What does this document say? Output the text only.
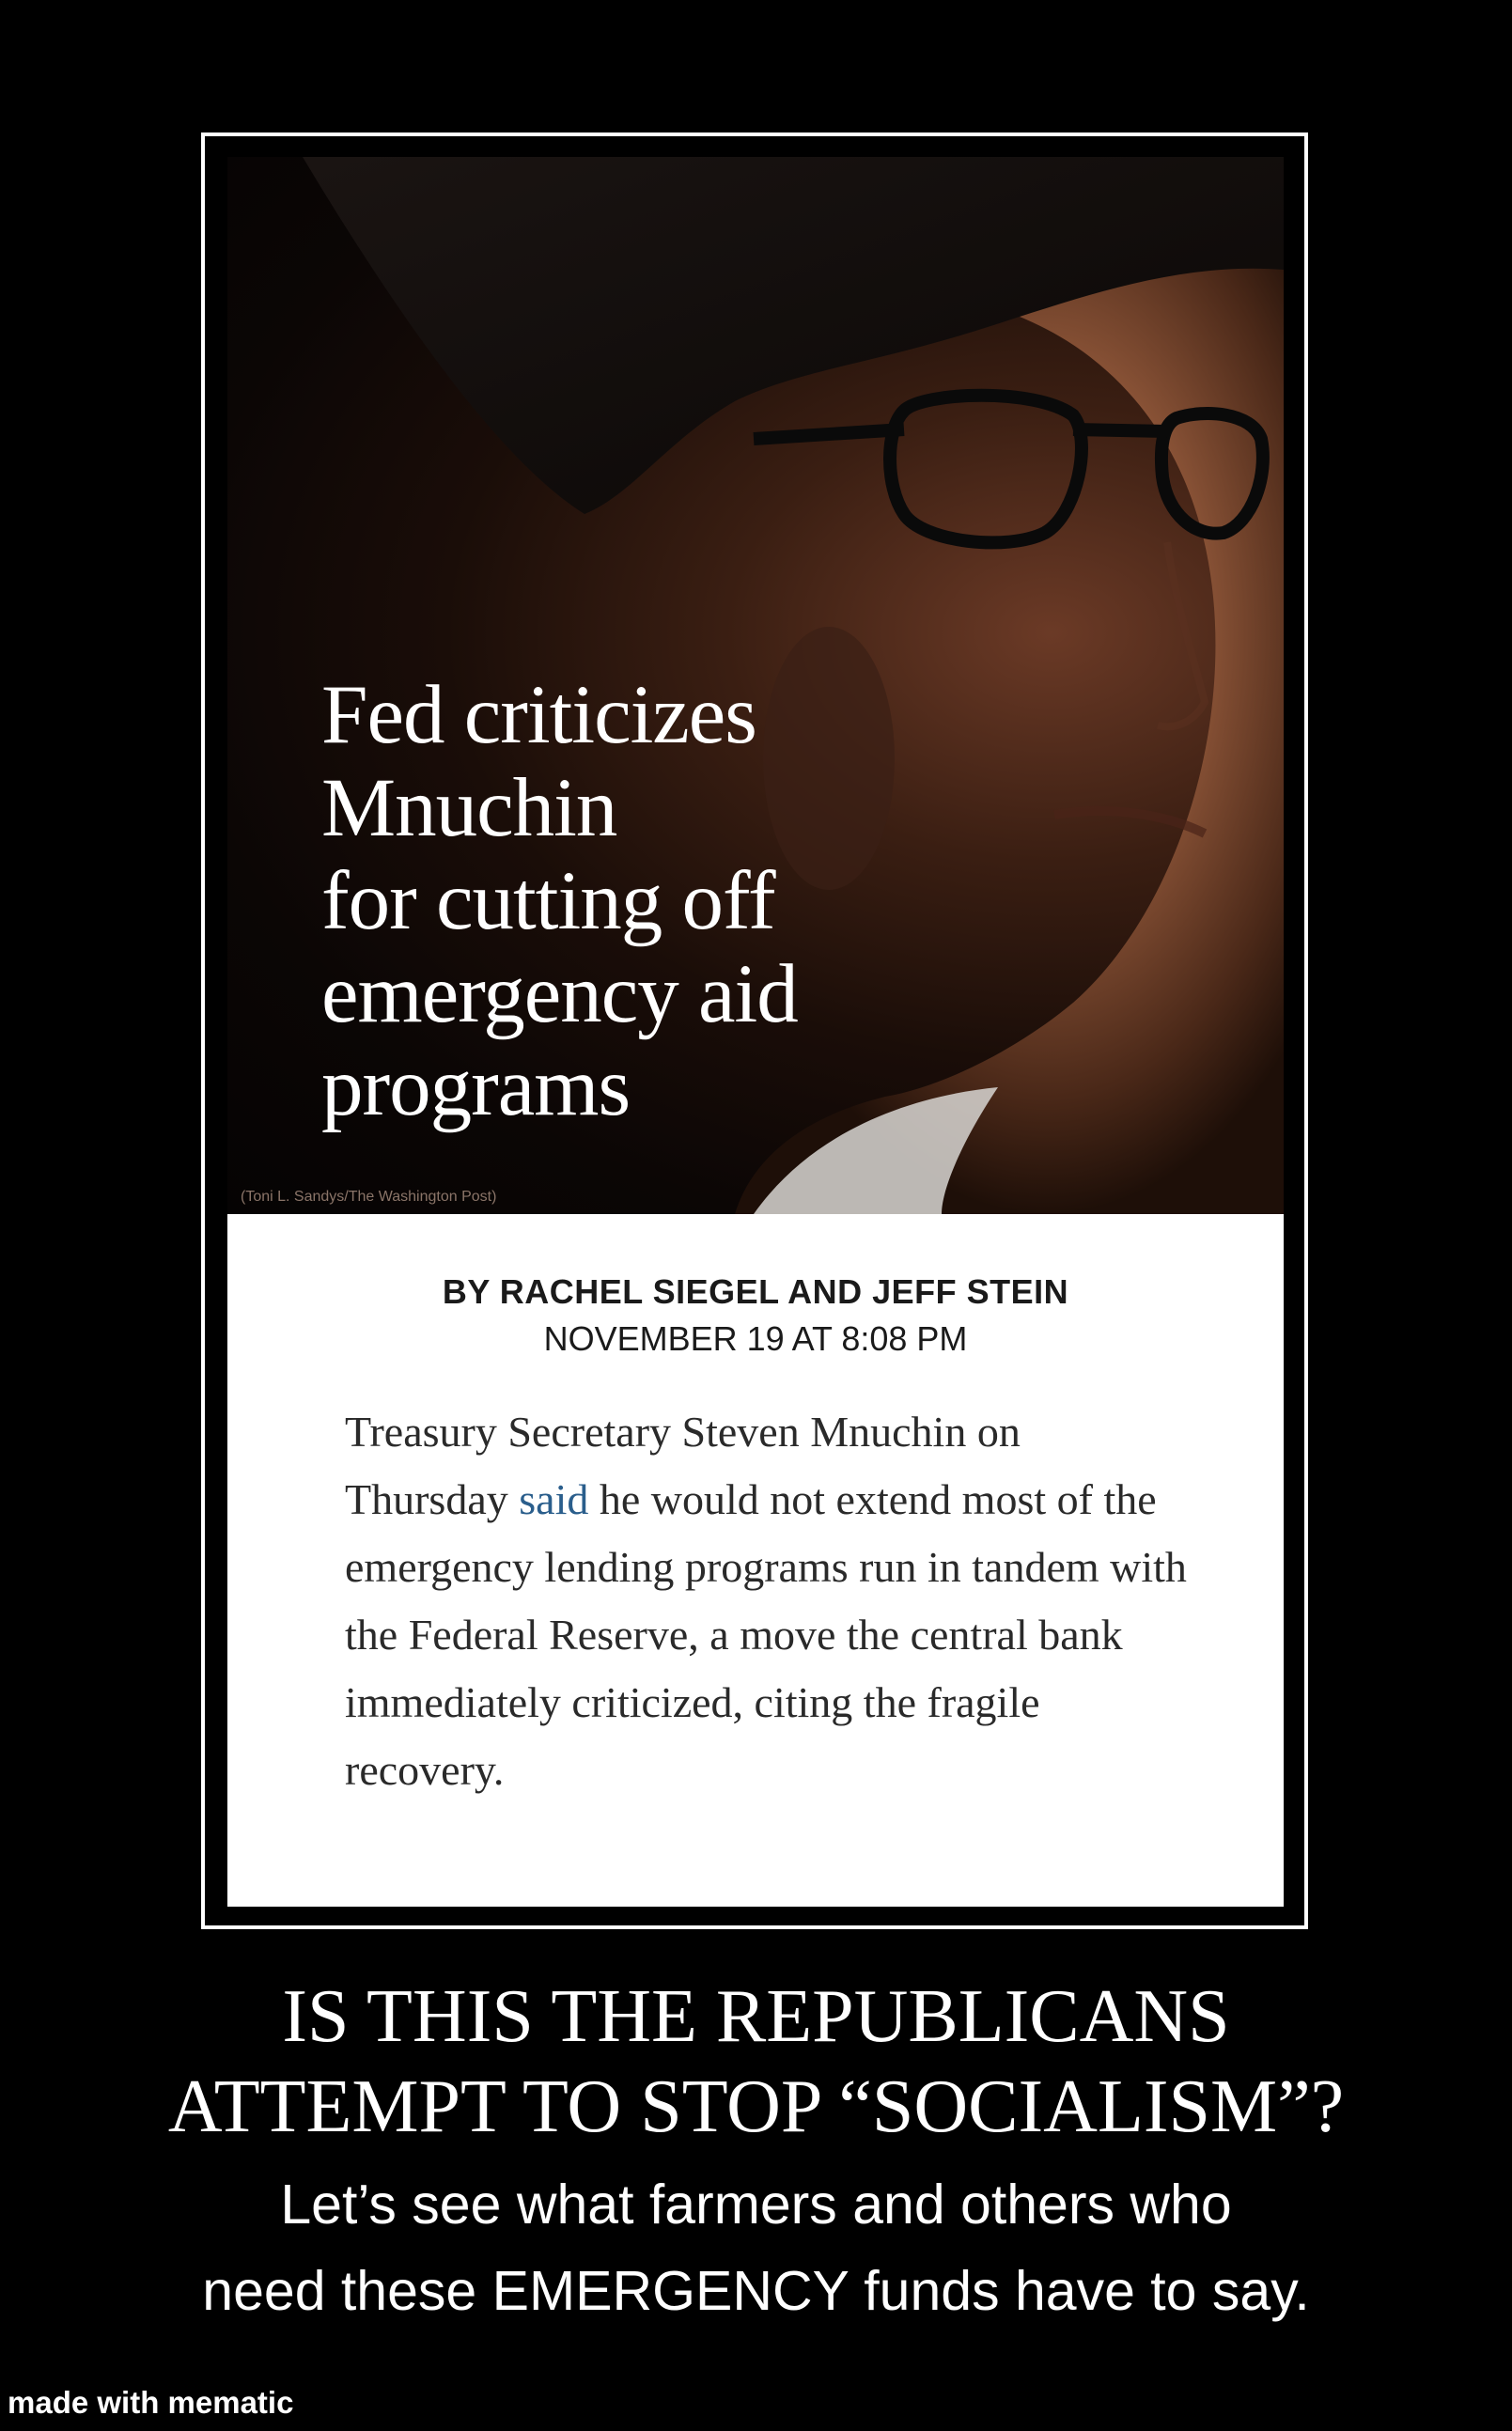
Fed criticizes
Mnuchin
for cutting off
emergency aid
programs
(Toni L. Sandys/The Washington Post)
BY RACHEL SIEGEL AND JEFF STEIN
NOVEMBER 19 AT 8:08 PM

Treasury Secretary Steven Mnuchin on Thursday said he would not extend most of the emergency lending programs run in tandem with the Federal Reserve, a move the central bank immediately criticized, citing the fragile recovery.

IS THIS THE REPUBLICANS
ATTEMPT TO STOP “SOCIALISM”?
Let’s see what farmers and others who
need these EMERGENCY funds have to say.
made with mematic
